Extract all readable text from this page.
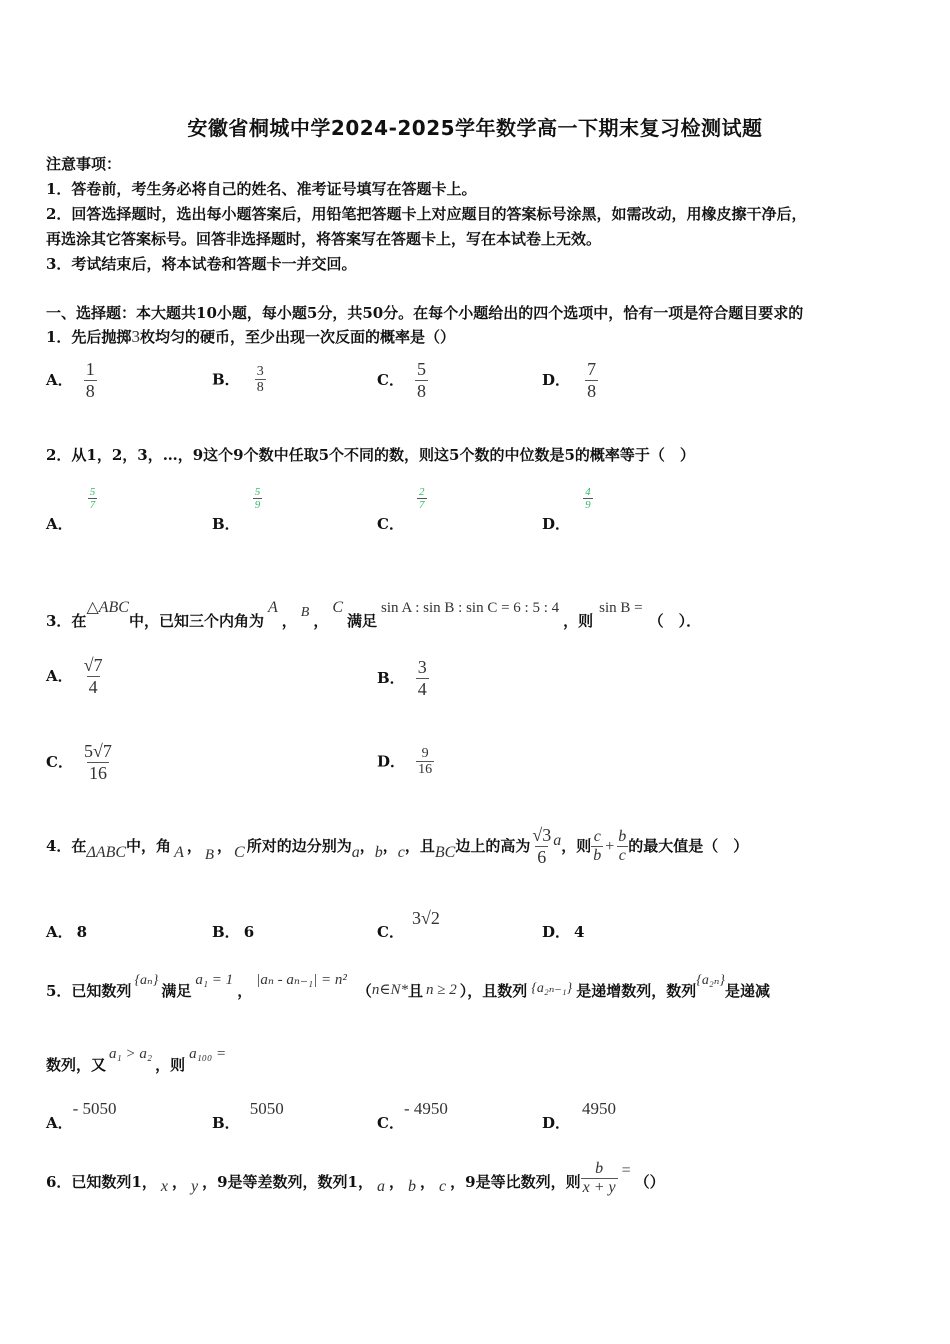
安徽省桐城中学2024-2025学年数学高一下期末复习检测试题
注意事项：
1．答卷前，考生务必将自己的姓名、准考证号填写在答题卡上。
2．回答选择题时，选出每小题答案后，用铅笔把答题卡上对应题目的答案标号涂黑，如需改动，用橡皮擦干净后，
再选涂其它答案标号。回答非选择题时，将答案写在答题卡上，写在本试卷上无效。
3．考试结束后，将本试卷和答题卡一并交回。
一、选择题：本大题共10小题，每小题5分，共50分。在每个小题给出的四个选项中，恰有一项是符合题目要求的
1．先后抛掷3枚均匀的硬币，至少出现一次反面的概率是（）
A． $\frac{1}{8}$	B． $\frac{3}{8}$	C． $\frac{5}{8}$	D． $\frac{7}{8}$
2．从1，2，3，…，9这个9个数中任取5个不同的数，则这5个数的中位数是5的概率等于（　）
A．
$\frac{5}{7}$
B．
$\frac{5}{9}$
C．
$\frac{2}{7}$
D．
$\frac{4}{9}$
3．在△ABC中，已知三个内角为A， B ，C满足sin A : sin B : sin C = 6 : 5 : 4，则sin B =（　）．
A． $\frac{√7}{4}$	B． $\frac{3}{4}$
C． $\frac{5√7}{16}$	D． $\frac{9}{16}$
4．在ΔABC中，角 A ， B ， C 所对的边分别为a，b，c，且BC边上的高为 $\frac{√3}{6}$ a，则 $\frac{c}{b} + \frac{b}{c}$ 的最大值是（　）
A． 8	B． 6	C．3√2
D． 4
5．已知数列{aₙ}满足a₁ = 1，|aₙ - aₙ₋₁| = n²（n∈N*且 n ≥ 2 ），且数列 {a₂ₙ₋₁} 是递增数列，数列{a₂ₙ}是递减
数列，又a₁ > a₂，则a₁₀₀ =
A．- 5050
B．5050
C．- 4950
D．4950
6．已知数列1， x ， y ，9是等差数列，数列1， a ， b ， c ，9是等比数列，则 $\frac{b}{x + y}$ =（）
